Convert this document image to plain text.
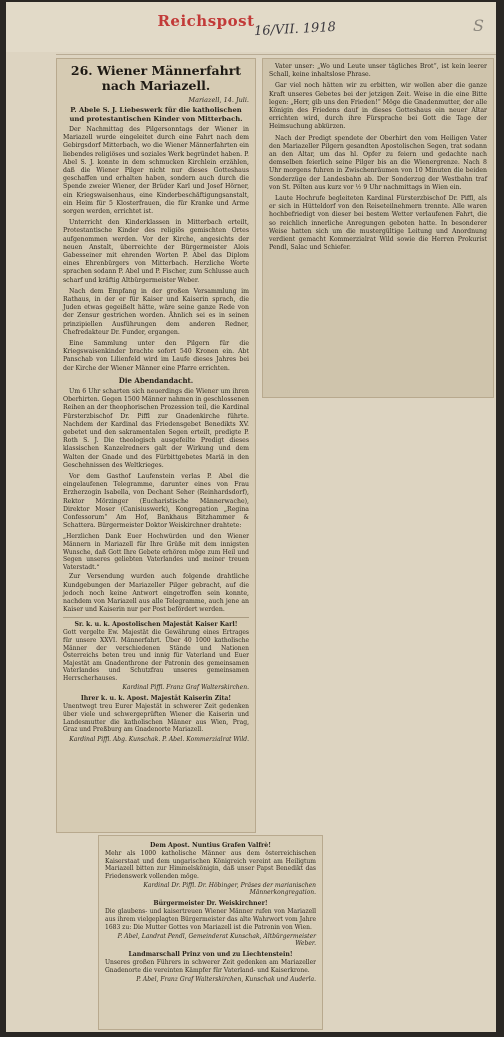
Reichspost 16/VII. 1918	S
26. Wiener Männerfahrt nach Mariazell.
Mariazell, 14. Juli.
P. Abele S. J. Liebeswerk für die katholischen und protestantischen Kinder von Mitterbach.

Der Nachmittag des Pilgersonntags der Wiener in Mariazell wurde eingeleitet durch eine Fahrt nach dem Gebirgsdorf Mitterbach, wo die Wiener Männerfahrten ein liebendes religiöses und soziales Werk begründet haben. P. Abel S. J. konnte in dem schmucken Kirchlein erzählen, daß die Wiener Pilger nicht nur dieses Gotteshaus geschaffen und erhalten haben, sondern auch durch die Spende zweier Wiener, der Brüder Karl und Josef Hörner, ein Kriegswaisenhaus, eine Kinderbeschäftigungsanstalt, ein Heim für 5 Klosterfrauen, die für Kranke und Arme sorgen werden, errichtet ist.

Unterricht den Kinderklassen in Mitterbach erteilt, Protestantische Kinder des religiös gemischten Ortes aufgenommen werden. Vor der Kirche, angesichts der neuen Anstalt, überreichte der Bürgermeister Alois Gabesseiner mit ehrenden Worten P. Abel das Diplom eines Ehrenbürgers von Mitterbach. Herzliche Worte sprachen sodann P. Abel und P. Fischer, zum Schlusse auch scharf und kräftig Altbürgermeister Weber.

Nach dem Empfang in der großen Versammlung im Rathaus, in der er für Kaiser und Kaiserin sprach, die Juden etwas gegeißelt hätte, wäre seine ganze Rede von der Zensur gestrichen worden. Ähnlich sei es in seinen prinzipiellen Ausführungen dem anderen Redner, Chefredakteur Dr. Funder, ergangen.

Eine Sammlung unter den Pilgern für die Kriegswaisenkinder brachte sofort 540 Kronen ein. Abt Panschab von Lilienfeld wird im Laufe dieses Jahres bei der Kirche der Wiener Männer eine Pfarre errichten.

Die Abendandacht.

Um 6 Uhr scharten sich neuerdings die Wiener um ihren Oberhirten. Gegen 1500 Männer nahmen in geschlossenen Reihen an der theophorischen Prozession teil, die Kardinal Fürsterzbischof Dr. Piffl zur Gnadenkirche führte. Nachdem der Kardinal das Friedensgebet Benedikts XV. gebetet und den sakramentalen Segen erteilt, predigte P. Roth S. J. Die theologisch ausgefeilte Predigt dieses klassischen Kanzelredners galt der Wirkung und dem Walten der Gnade und des Fürbittgebetes Mariä in den Geschehnissen des Weltkrieges.

Vor dem Gasthof Laufenstein verlas P. Abel die eingelaufenen Telegramme, darunter eines von Frau Erzherzogin Isabella, von Dechant Seher (Reinhardsdorf), Rektor Mörzinger (Eucharistische Männerwache), Direktor Moser (Canisiuswerk), Kongregation „Regina Confessorum“ Am Hof, Bankhaus Bitzhammer & Schattera. Bürgermeister Doktor Weiskirchner drahtete:

„Herzlichen Dank Euer Hochwürden und den Wiener Männern in Mariazell für Ihre Grüße mit dem innigsten Wunsche, daß Gott Ihre Gebete erhören möge zum Heil und Segen unseres geliebten Vaterlandes und meiner treuen Vaterstadt.“

Zur Versendung wurden auch folgende drahtliche Kundgebungen der Mariazeller Pilger gebracht, auf die jedoch noch keine Antwort eingetroffen sein konnte, nachdem von Mariazell aus alle Telegramme, auch jene an Kaiser und Kaiserin nur per Post befördert werden.

Sr. k. u. k. Apostolischen Majestät Kaiser Karl!

Gott vergelte Ew. Majestät die Gewährung eines Ertrages für unsere XXVI. Männerfahrt. Über 40 1000 katholische Männer der verschiedenen Stände und Nationen Österreichs beten treu und innig für Vaterland und Euer Majestät am Gnadenthrone der Patronin des gemeinsamen Vaterlandes und Schutzfrau unseres gemeinsamen Herrscherhauses.

Kardinal Piffl. Franz Graf Walterskirchen.
Ihrer k. u. k. Apost. Majestät Kaiserin Zita!

Unentwegt treu Eurer Majestät in schwerer Zeit gedenken über viele und schwergeprüften Wiener die Kaiserin und Landesmutter die katholischen Männer aus Wien, Prag, Graz und Preßburg am Gnadenorte Mariazell.

Kardinal Piffl. Abg. Kunschak. P. Abel. Kommerzialrat Wild.

Vater unser: „Wo und Leute unser tägliches Brot“, ist kein leerer Schall, keine inhaltslose Phrase.

Gar viel noch hätten wir zu erbitten, wir wollen aber die ganze Kraft unseres Gebetes bei der jetzigen Zeit. Weise in die eine Bitte legen: „Herr, gib uns den Frieden!“ Möge die Gnadenmutter, der alle Königin des Friedens dauf in dieses Gotteshaus ein neuer Altar errichten wird, durch ihre Fürsprache bei Gott die Tage der Heimsuchung abkürzen.

Nach der Predigt spendete der Oberhirt den vom Heiligen Vater den Mariazeller Pilgern gesandten Apostolischen Segen, trat sodann an den Altar, um das hl. Opfer zu feiern und gedachte nach demselben feierlich seine Pilger bis an die Wienergrenze. Nach 8 Uhr morgens fuhren in Zwischenräumen von 10 Minuten die beiden Sonderzüge der Landesbahn ab. Der Sonderzug der Westbahn traf von St. Pölten aus kurz vor ½ 9 Uhr nachmittags in Wien ein.

Laute Hochrufe begleiteten Kardinal Fürsterzbischof Dr. Piffl, als er sich in Hütteldorf von den Reiseteilnehmern trennte. Alle waren hochbefriedigt von dieser bei bestem Wetter verlaufenen Fahrt, die so reichlich innerliche Anregungen geboten hatte. In besonderer Weise hatten sich um die mustergültige Leitung und Anordnung verdient gemacht Kommerzialrat Wild sowie die Herren Prokurist Pendl, Salac und Schiefer.

Dem Apost. Nuntius Grafen Valfrè!

Mehr als 1000 katholische Männer aus dem österreichischen Kaiserstaat und dem ungarischen Königreich vereint am Heiligtum Mariazell bitten zur Himmelskönigin, daß unser Papst Benedikt das Friedenswerk vollenden möge.

Kardinal Dr. Piffl. Dr. Höbinger, Präses der marianischen Männerkongregation.
Bürgermeister Dr. Weiskirchner!

Die glaubens- und kaisertreuen Wiener Männer rufen von Mariazell aus ihrem vielgeplagten Bürgermeister das alte Wahrwort vom Jahre 1683 zu: Die Mutter Gottes von Mariazell ist die Patronin von Wien.

P. Abel, Landrat Pendl, Gemeinderat Kunschak, Altbürgermeister Weber.
Landmarschall Prinz von und zu Liechtenstein!

Unseres großen Führers in schwerer Zeit gedenken am Mariazeller Gnadenorte die vereinten Kämpfer für Vaterland- und Kaiserkrone.

P. Abel, Franz Graf Walterskirchen, Kunschak und Auderla.
